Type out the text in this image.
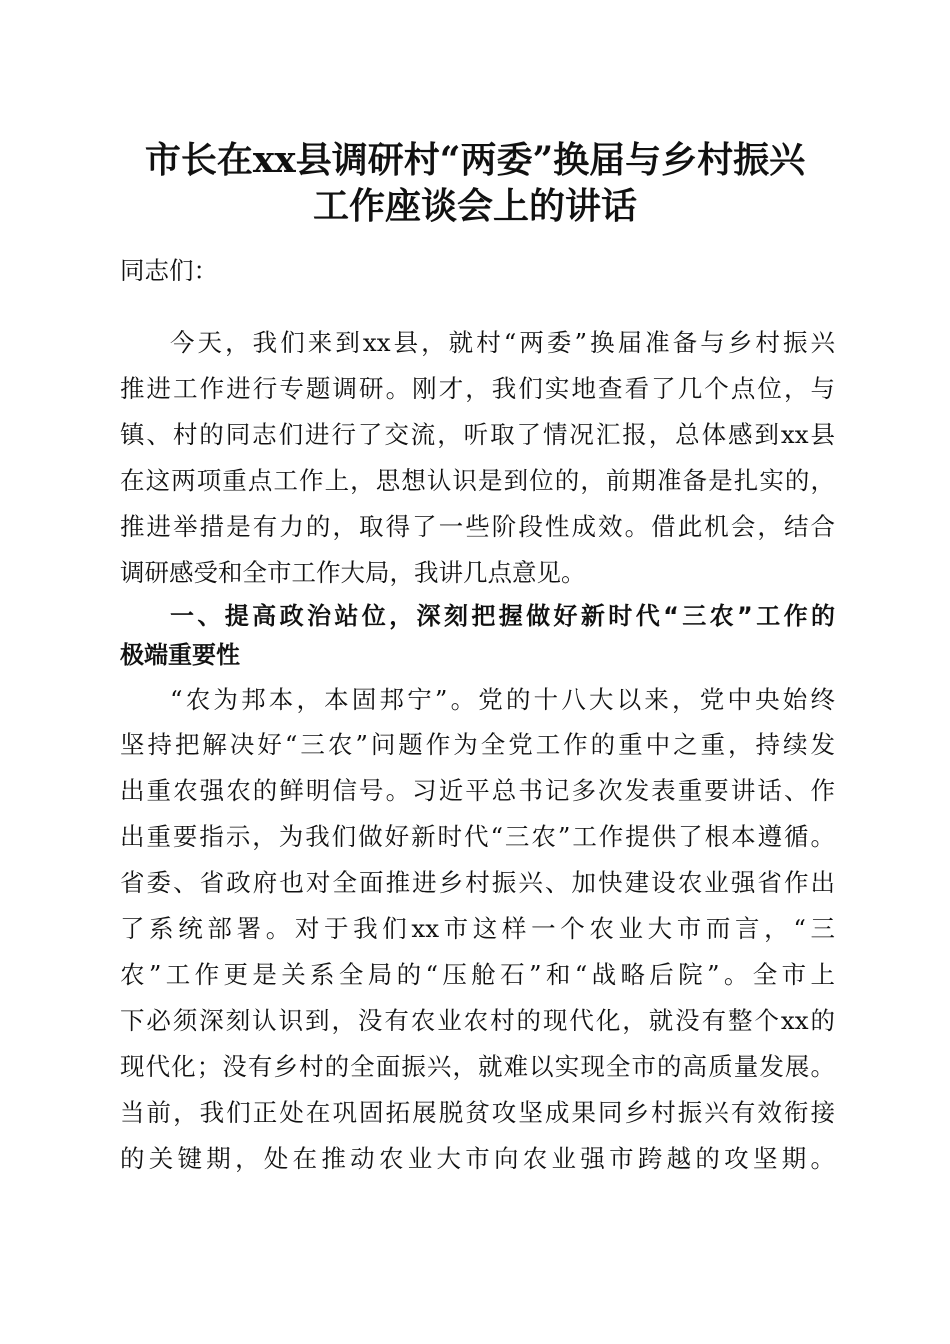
市长在xx县调研村“两委”换届与乡村振兴
工作座谈会上的讲话
同志们：
今天，我们来到xx县，就村“两委”换届准备与乡村振兴
推进工作进行专题调研。刚才，我们实地查看了几个点位，与
镇、村的同志们进行了交流，听取了情况汇报，总体感到xx县
在这两项重点工作上，思想认识是到位的，前期准备是扎实的，
推进举措是有力的，取得了一些阶段性成效。借此机会，结合
调研感受和全市工作大局，我讲几点意见。
一、提高政治站位，深刻把握做好新时代“三农”工作的
极端重要性
“农为邦本，本固邦宁”。党的十八大以来，党中央始终
坚持把解决好“三农”问题作为全党工作的重中之重，持续发
出重农强农的鲜明信号。习近平总书记多次发表重要讲话、作
出重要指示，为我们做好新时代“三农”工作提供了根本遵循。
省委、省政府也对全面推进乡村振兴、加快建设农业强省作出
了系统部署。对于我们xx市这样一个农业大市而言，“三
农”工作更是关系全局的“压舱石”和“战略后院”。全市上
下必须深刻认识到，没有农业农村的现代化，就没有整个xx的
现代化；没有乡村的全面振兴，就难以实现全市的高质量发展。
当前，我们正处在巩固拓展脱贫攻坚成果同乡村振兴有效衔接
的关键期，处在推动农业大市向农业强市跨越的攻坚期。
